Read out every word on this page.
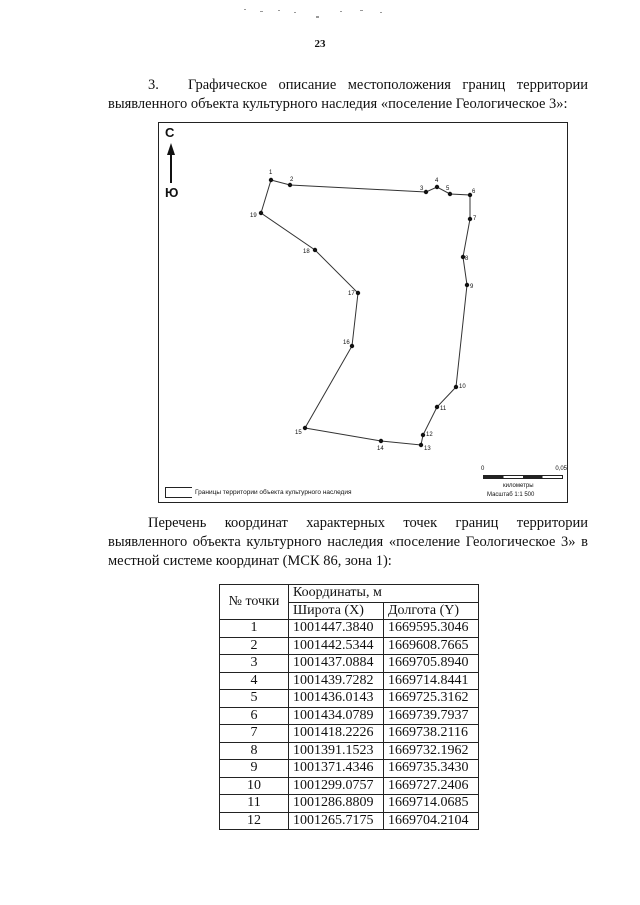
23
3. Графическое описание местоположения границ территории выявленного объекта культурного наследия «поселение Геологическое 3»:
С
Ю
1
2
3
4
5	6
7
8
9
10
11
12
13
14
15
16
17
18
19
0	0,05
километры
Масштаб 1:1 500
Границы территории объекта культурного наследия
Перечень координат характерных точек границ территории выявленного объекта культурного наследия «поселение Геологическое 3» в местной системе координат (МСК 86, зона 1):
№ точки	Координаты, м	
	Широта (X)	Долгота (Y)
1	1001447.3840	1669595.3046
2	1001442.5344	1669608.7665
3	1001437.0884	1669705.8940
4	1001439.7282	1669714.8441
5	1001436.0143	1669725.3162
6	1001434.0789	1669739.7937
7	1001418.2226	1669738.2116
8	1001391.1523	1669732.1962
9	1001371.4346	1669735.3430
10	1001299.0757	1669727.2406
11	1001286.8809	1669714.0685
12	1001265.7175	1669704.2104
